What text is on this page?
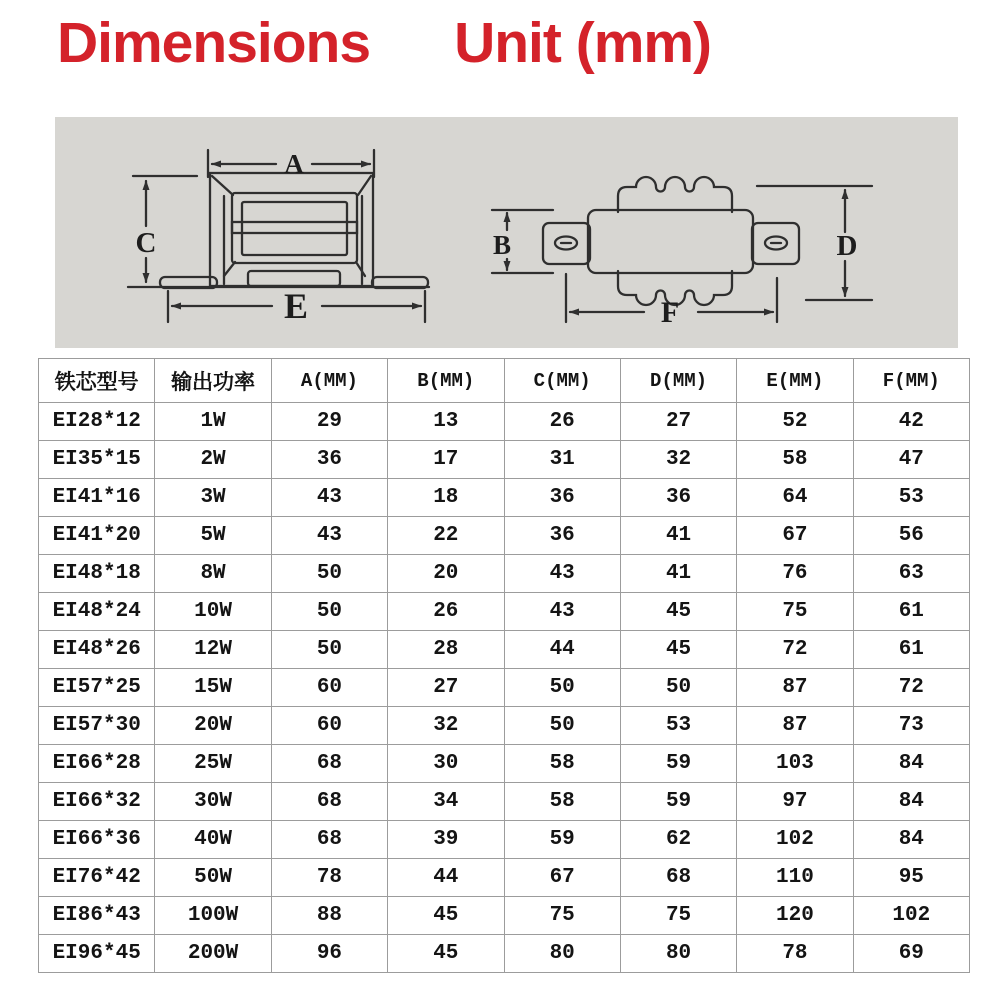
Dimensions Unit (mm)
A
C
E
B	D
F
铁芯型号	输出功率	A(MM)	B(MM)	C(MM)	D(MM)	E(MM)	F(MM)
EI28*12	1W	29	13	26	27	52	42
EI35*15	2W	36	17	31	32	58	47
EI41*16	3W	43	18	36	36	64	53
EI41*20	5W	43	22	36	41	67	56
EI48*18	8W	50	20	43	41	76	63
EI48*24	10W	50	26	43	45	75	61
EI48*26	12W	50	28	44	45	72	61
EI57*25	15W	60	27	50	50	87	72
EI57*30	20W	60	32	50	53	87	73
EI66*28	25W	68	30	58	59	103	84
EI66*32	30W	68	34	58	59	97	84
EI66*36	40W	68	39	59	62	102	84
EI76*42	50W	78	44	67	68	110	95
EI86*43	100W	88	45	75	75	120	102
EI96*45	200W	96	45	80	80	78	69
